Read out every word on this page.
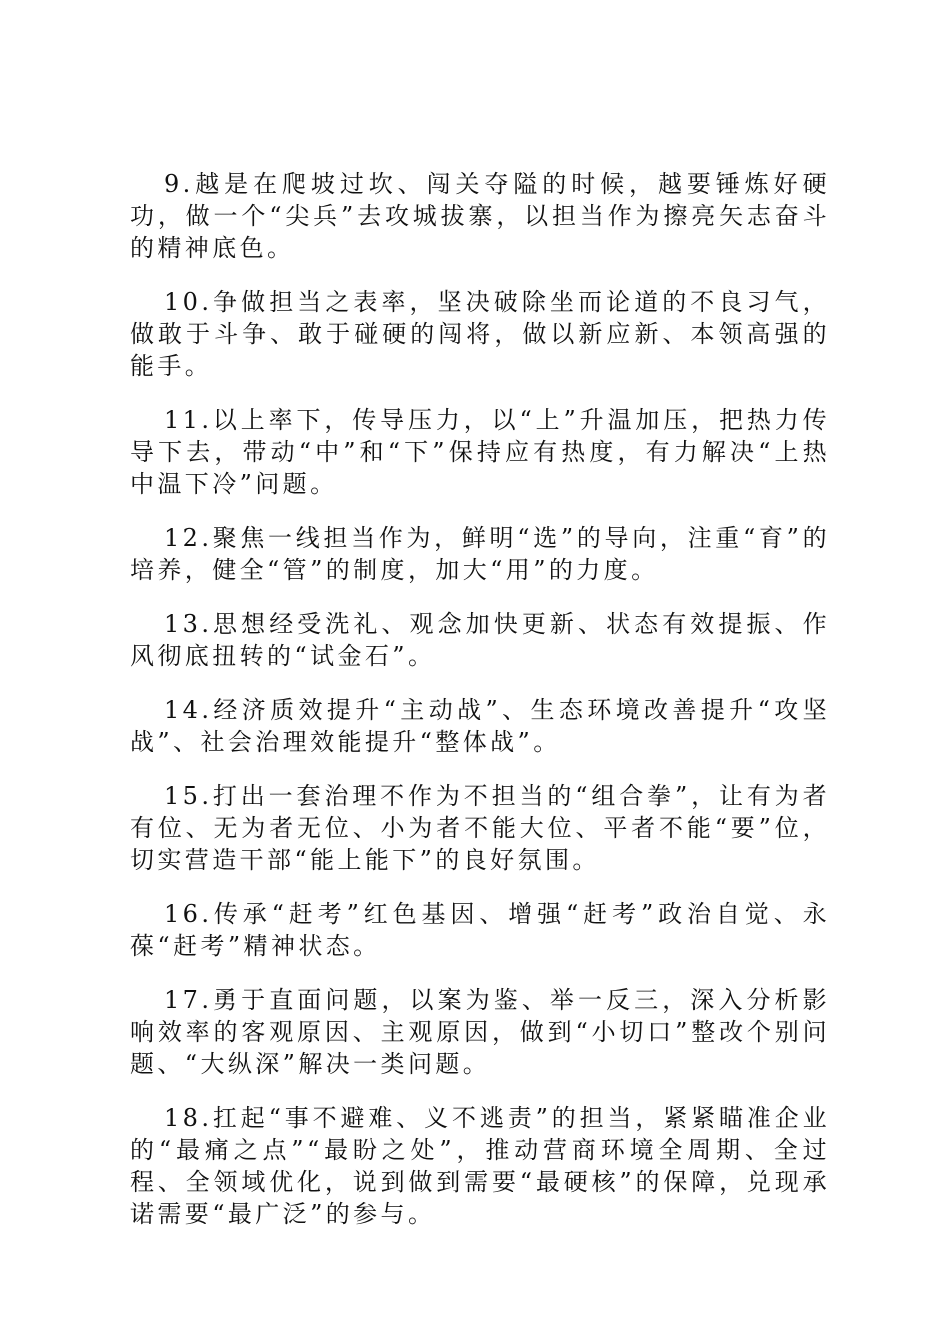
9.越是在爬坡过坎、闯关夺隘的时候，越要锤炼好硬功，做一个“尖兵”去攻城拔寨，以担当作为擦亮矢志奋斗的精神底色。

10.争做担当之表率，坚决破除坐而论道的不良习气，做敢于斗争、敢于碰硬的闯将，做以新应新、本领高强的能手。

11.以上率下，传导压力，以“上”升温加压，把热力传导下去，带动“中”和“下”保持应有热度，有力解决“上热中温下冷”问题。

12.聚焦一线担当作为，鲜明“选”的导向，注重“育”的培养，健全“管”的制度，加大“用”的力度。

13.思想经受洗礼、观念加快更新、状态有效提振、作风彻底扭转的“试金石”。

14.经济质效提升“主动战”、生态环境改善提升“攻坚战”、社会治理效能提升“整体战”。

15.打出一套治理不作为不担当的“组合拳”，让有为者有位、无为者无位、小为者不能大位、平者不能“要”位，切实营造干部“能上能下”的良好氛围。

16.传承“赶考”红色基因、增强“赶考”政治自觉、永葆“赶考”精神状态。

17.勇于直面问题，以案为鉴、举一反三，深入分析影响效率的客观原因、主观原因，做到“小切口”整改个别问题、“大纵深”解决一类问题。

18.扛起“事不避难、义不逃责”的担当，紧紧瞄准企业的“最痛之点”“最盼之处”，推动营商环境全周期、全过程、全领域优化，说到做到需要“最硬核”的保障，兑现承诺需要“最广泛”的参与。
